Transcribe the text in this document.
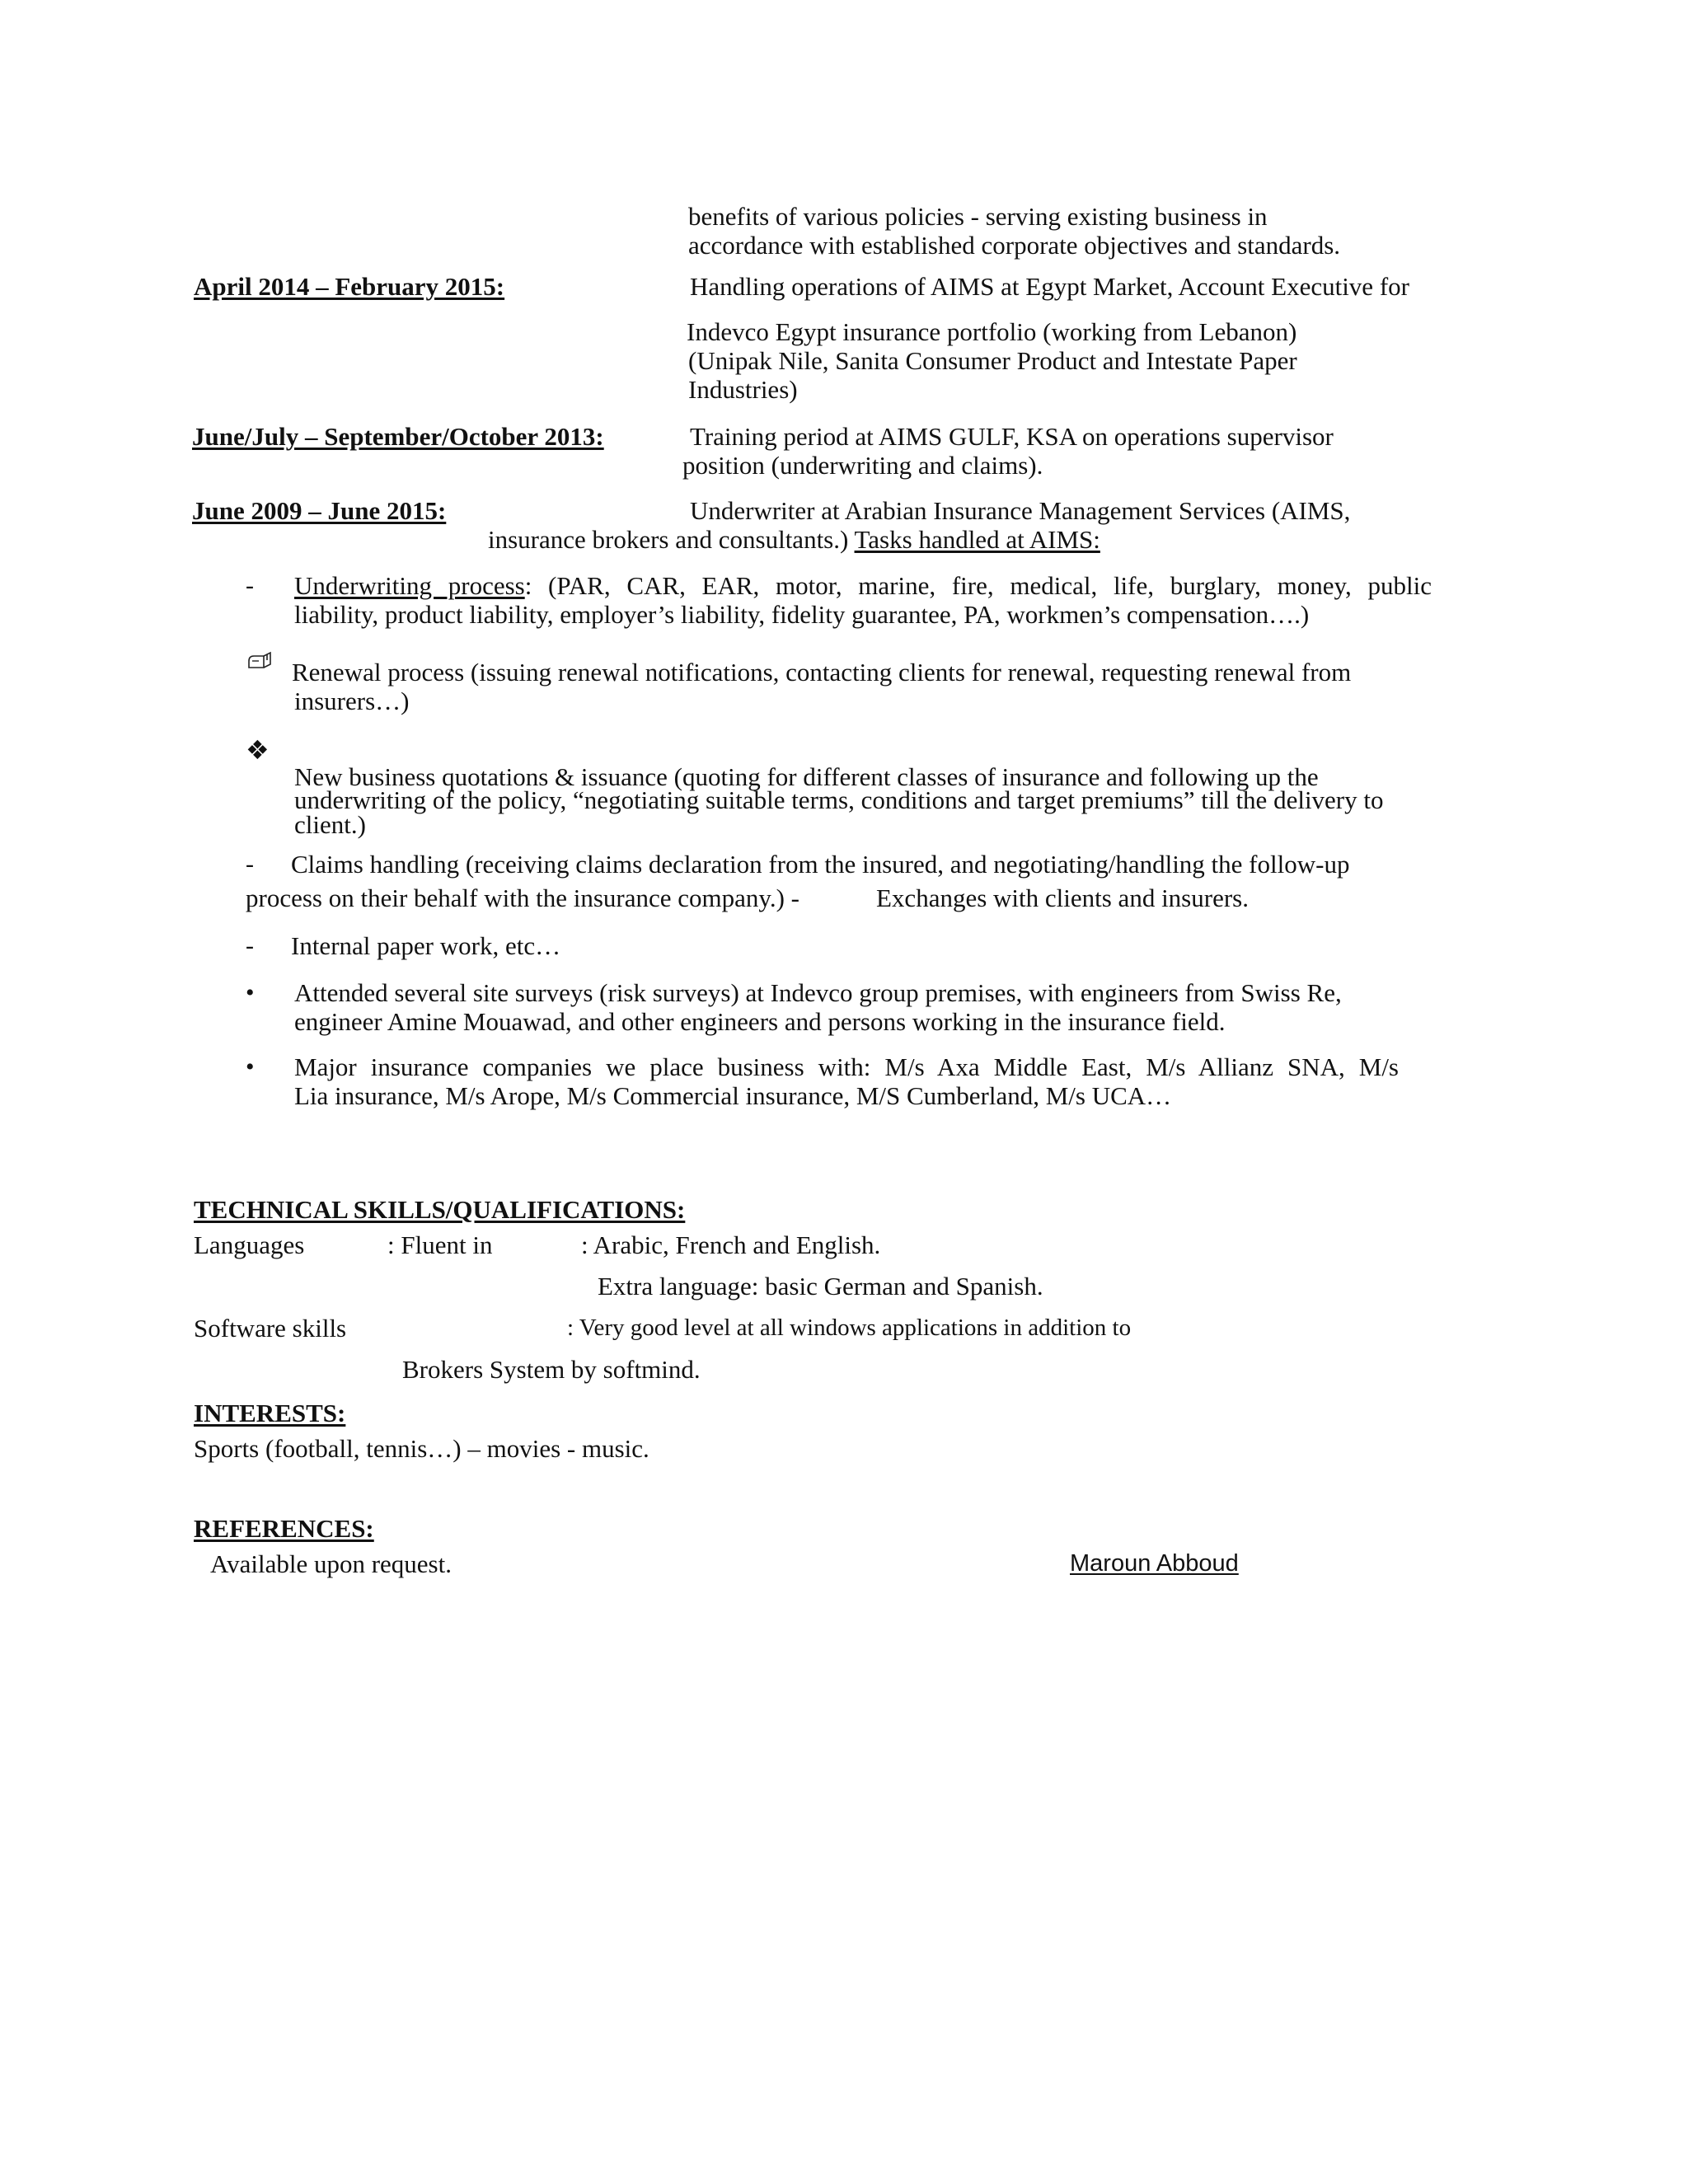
benefits of various policies - serving existing business in
accordance with established corporate objectives and standards.
April 2014 – February 2015:	Handling operations of AIMS at Egypt Market, Account Executive for
Indevco Egypt insurance portfolio (working from Lebanon)
(Unipak Nile, Sanita Consumer Product and Intestate Paper
Industries)
June/July – September/October 2013:	Training period at AIMS GULF, KSA on operations supervisor
position (underwriting and claims).
June 2009 – June 2015:	Underwriter at Arabian Insurance Management Services (AIMS,
insurance brokers and consultants.) Tasks handled at AIMS:
- Underwriting process: (PAR, CAR, EAR, motor, marine, fire, medical, life, burglary, money, public
liability, product liability, employer’s liability, fidelity guarantee, PA, workmen’s compensation….)
Renewal process (issuing renewal notifications, contacting clients for renewal, requesting renewal from
insurers…)
❖
New business quotations & issuance (quoting for different classes of insurance and following up the
underwriting of the policy, “negotiating suitable terms, conditions and target premiums” till the delivery to
client.)
- Claims handling (receiving claims declaration from the insured, and negotiating/handling the follow-up
process on their behalf with the insurance company.) -	Exchanges with clients and insurers.
- Internal paper work, etc…
• Attended several site surveys (risk surveys) at Indevco group premises, with engineers from Swiss Re,
engineer Amine Mouawad, and other engineers and persons working in the insurance field.
• Major insurance companies we place business with: M/s Axa Middle East, M/s Allianz SNA, M/s
Lia insurance, M/s Arope, M/s Commercial insurance, M/S Cumberland, M/s UCA…
TECHNICAL SKILLS/QUALIFICATIONS:
Languages	: Fluent in	: Arabic, French and English.
Extra language: basic German and Spanish.
Software skills	: Very good level at all windows applications in addition to
Brokers System by softmind.
INTERESTS:
Sports (football, tennis…) – movies - music.
REFERENCES:
Available upon request.	Maroun Abboud
